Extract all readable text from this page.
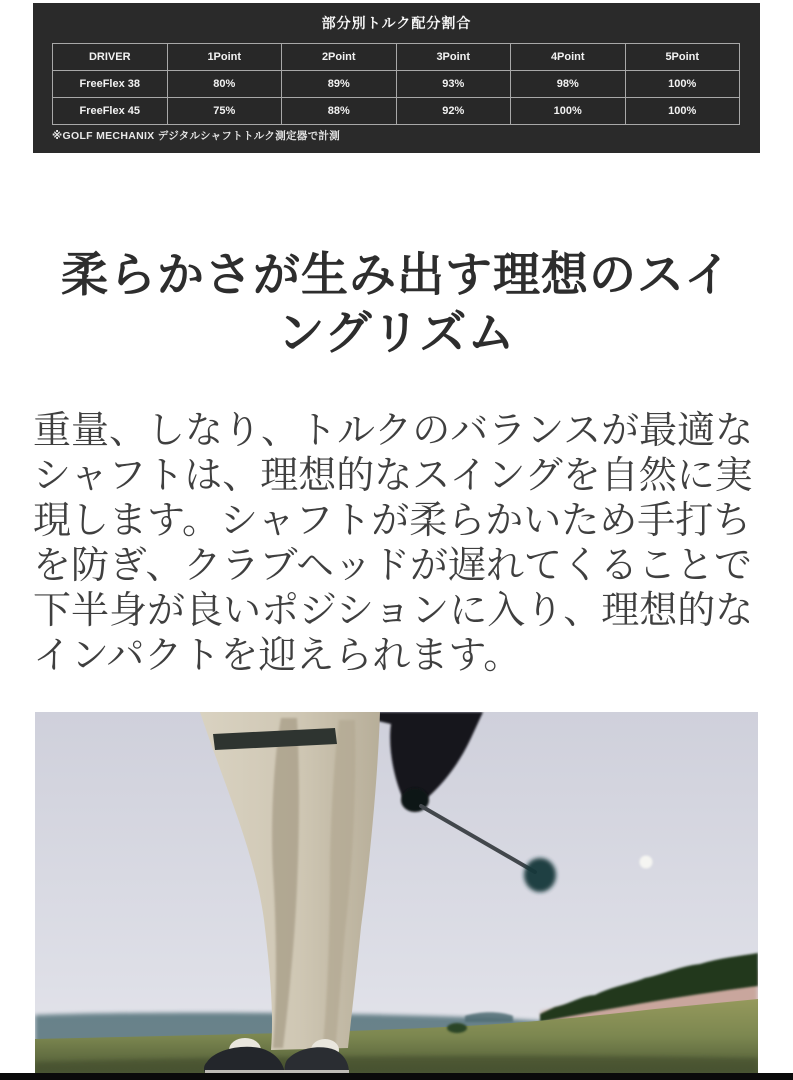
部分別トルク配分割合
DRIVER	1Point	2Point	3Point	4Point	5Point
FreeFlex 38	80%	89%	93%	98%	100%
FreeFlex 45	75%	88%	92%	100%	100%
※GOLF MECHANIX デジタルシャフトトルク測定器で計測
柔らかさが生み出す理想のスイ
ングリズム

重量、しなり、トルクのバランスが最適なシャフトは、理想的なスイングを自然に実現します。シャフトが柔らかいため手打ちを防ぎ、クラブヘッドが遅れてくることで下半身が良いポジションに入り、理想的なインパクトを迎えられます。
